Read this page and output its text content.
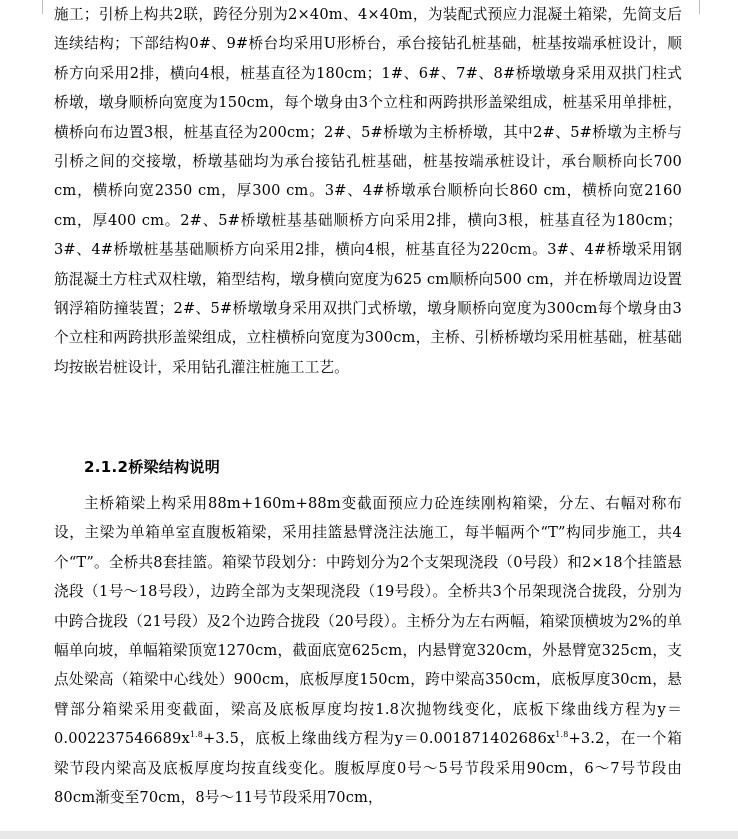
施工；引桥上构共2联，跨径分别为2×40m、4×40m，为装配式预应力混凝土箱梁，先简支后连续结构；下部结构0#、9#桥台均采用U形桥台，承台接钻孔桩基础，桩基按端承桩设计，顺桥方向采用2排，横向4根，桩基直径为180cm；1#、6#、7#、8#桥墩墩身采用双拱门柱式桥墩，墩身顺桥向宽度为150cm，每个墩身由3个立柱和两跨拱形盖梁组成，桩基采用单排桩，横桥向布边置3根，桩基直径为200cm；2#、5#桥墩为主桥桥墩，其中2#、5#桥墩为主桥与引桥之间的交接墩，桥墩基础均为承台接钻孔桩基础，桩基按端承桩设计，承台顺桥向长700 cm，横桥向宽2350 cm，厚300 cm。3#、4#桥墩承台顺桥向长860 cm，横桥向宽2160 cm，厚400 cm。2#、5#桥墩桩基基础顺桥方向采用2排，横向3根，桩基直径为180cm；3#、4#桥墩桩基基础顺桥方向采用2排，横向4根，桩基直径为220cm。3#、4#桥墩采用钢筋混凝土方柱式双柱墩，箱型结构，墩身横向宽度为625 cm顺桥向500 cm，并在桥墩周边设置钢浮箱防撞装置；2#、5#桥墩墩身采用双拱门式桥墩，墩身顺桥向宽度为300cm每个墩身由3个立柱和两跨拱形盖梁组成，立柱横桥向宽度为300cm，主桥、引桥桥墩均采用桩基础，桩基础均按嵌岩桩设计，采用钻孔灌注桩施工工艺。
2.1.2桥梁结构说明
主桥箱梁上构采用88m+160m+88m变截面预应力砼连续刚构箱梁，分左、右幅对称布设，主梁为单箱单室直腹板箱梁，采用挂篮悬臂浇注法施工，每半幅两个“T”构同步施工，共4个“T”。全桥共8套挂篮。箱梁节段划分：中跨划分为2个支架现浇段（0号段）和2×18个挂篮悬浇段（1号～18号段），边跨全部为支架现浇段（19号段）。全桥共3个吊架现浇合拢段，分别为中跨合拢段（21号段）及2个边跨合拢段（20号段）。主桥分为左右两幅，箱梁顶横坡为2%的单幅单向坡，单幅箱梁顶宽1270cm，截面底宽625cm，内悬臂宽320cm，外悬臂宽325cm，支点处梁高（箱梁中心线处）900cm，底板厚度150cm，跨中梁高350cm，底板厚度30cm，悬臂部分箱梁采用变截面，梁高及底板厚度均按1.8次抛物线变化，底板下缘曲线方程为$y=0.002237546689x^{1.8}+3.5$，底板上缘曲线方程为$y=0.001871402686x^{1.8}+3.2$，在一个箱梁节段内梁高及底板厚度均按直线变化。腹板厚度0号～5号节段采用90cm，6～7号节段由80cm渐变至70cm，8号～11号节段采用70cm，
